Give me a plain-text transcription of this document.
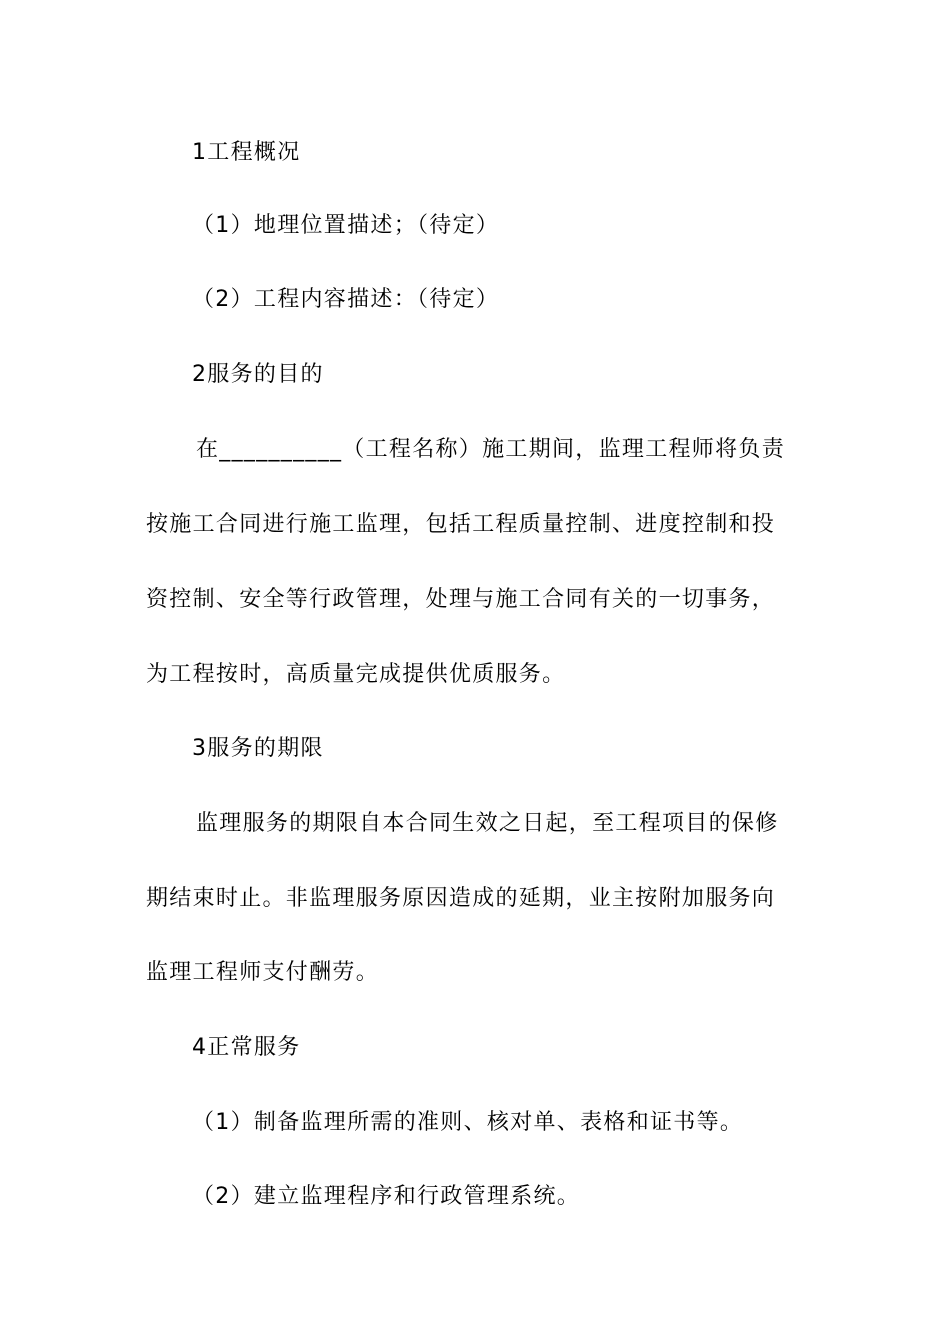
1工程概况
（1）地理位置描述；（待定）
（2）工程内容描述：（待定）
2服务的目的
在__________（工程名称）施工期间，监理工程师将负责
按施工合同进行施工监理，包括工程质量控制、进度控制和投
资控制、安全等行政管理，处理与施工合同有关的一切事务，
为工程按时，高质量完成提供优质服务。
3服务的期限
监理服务的期限自本合同生效之日起，至工程项目的保修
期结束时止。非监理服务原因造成的延期，业主按附加服务向
监理工程师支付酬劳。
4正常服务
（1）制备监理所需的准则、核对单、表格和证书等。
（2）建立监理程序和行政管理系统。
